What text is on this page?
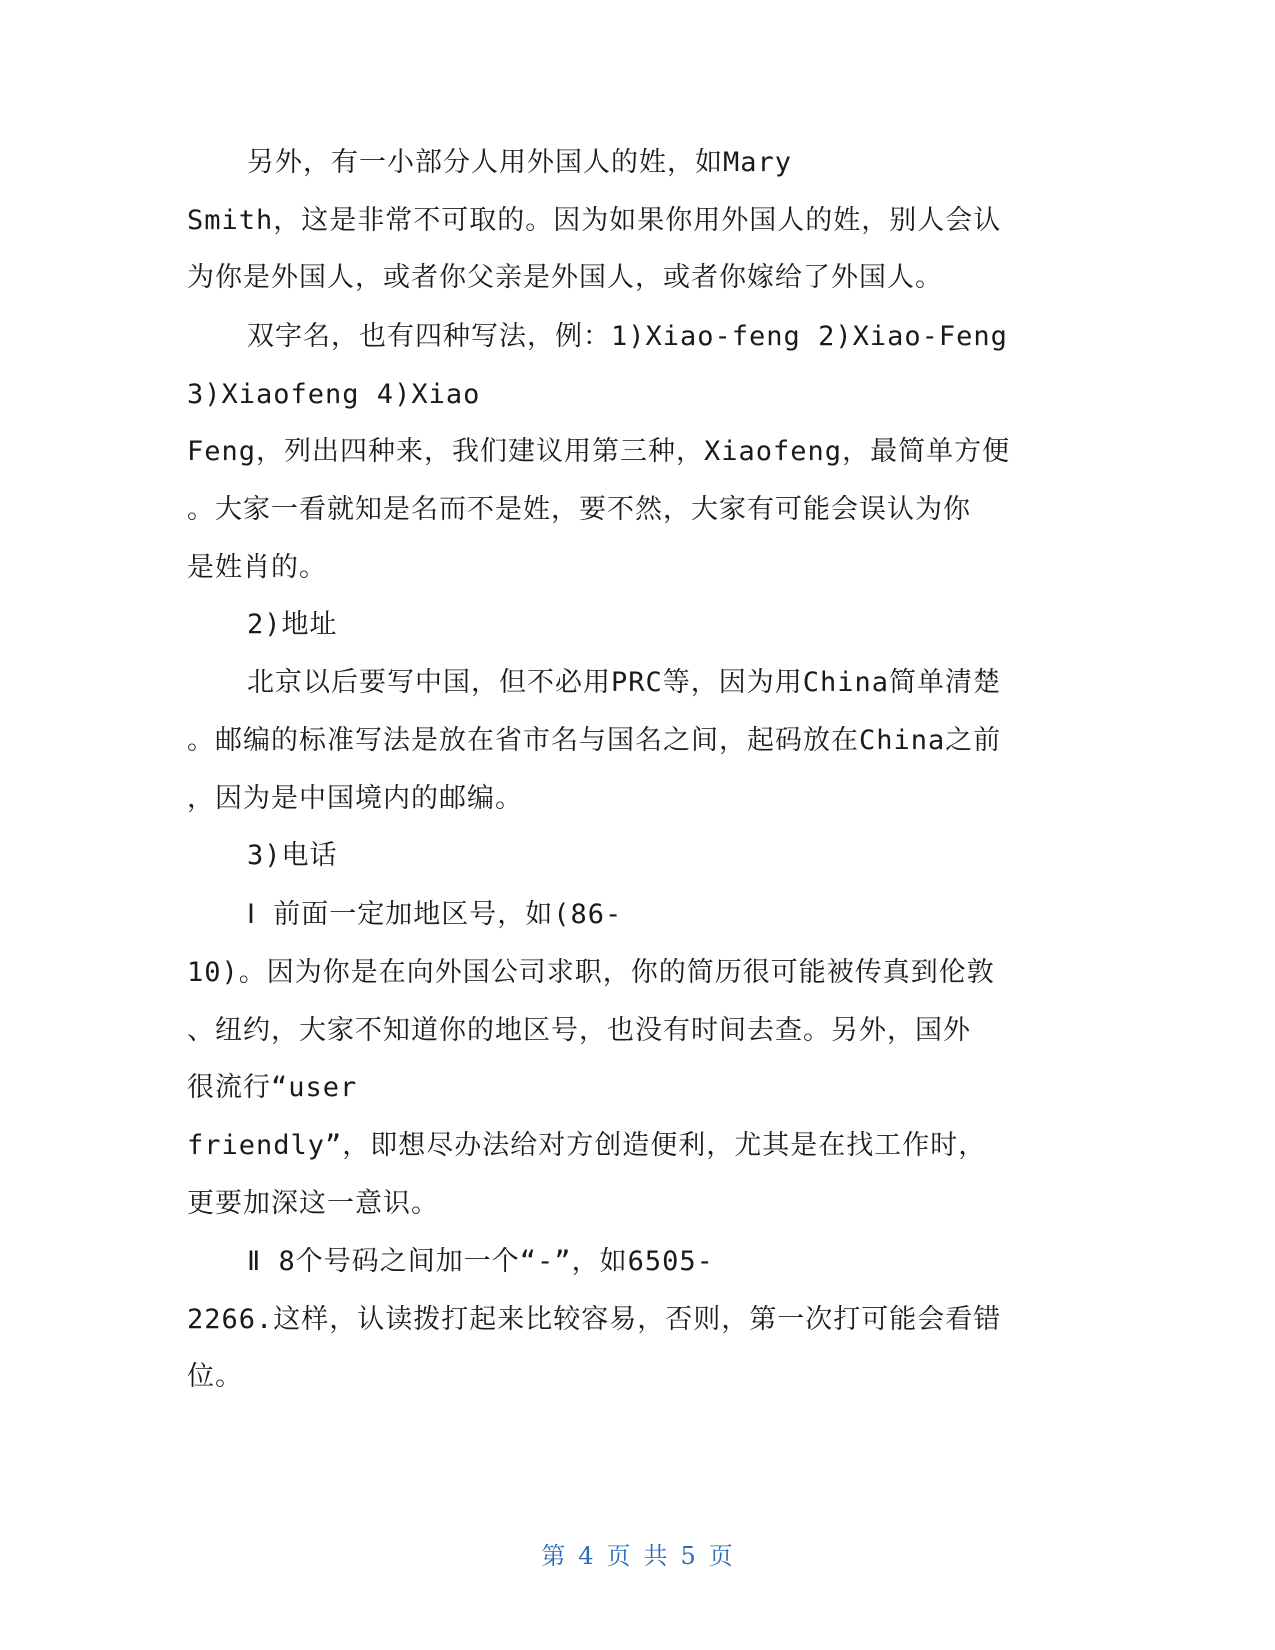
另外，有一小部分人用外国人的姓，如Mary
Smith，这是非常不可取的。因为如果你用外国人的姓，别人会认
为你是外国人，或者你父亲是外国人，或者你嫁给了外国人。
双字名，也有四种写法，例：1)Xiao-feng 2)Xiao-Feng
3)Xiaofeng 4)Xiao
Feng，列出四种来，我们建议用第三种，Xiaofeng，最简单方便
。大家一看就知是名而不是姓，要不然，大家有可能会误认为你
是姓肖的。
2)地址
北京以后要写中国，但不必用PRC等，因为用China简单清楚
。邮编的标准写法是放在省市名与国名之间，起码放在China之前
，因为是中国境内的邮编。
3)电话
Ⅰ 前面一定加地区号，如(86-
10)。因为你是在向外国公司求职，你的简历很可能被传真到伦敦
、纽约，大家不知道你的地区号，也没有时间去查。另外，国外
很流行“user
friendly”，即想尽办法给对方创造便利，尤其是在找工作时，
更要加深这一意识。
Ⅱ 8个号码之间加一个“-”，如6505-
2266.这样，认读拨打起来比较容易，否则，第一次打可能会看错
位。
第 4 页 共 5 页
